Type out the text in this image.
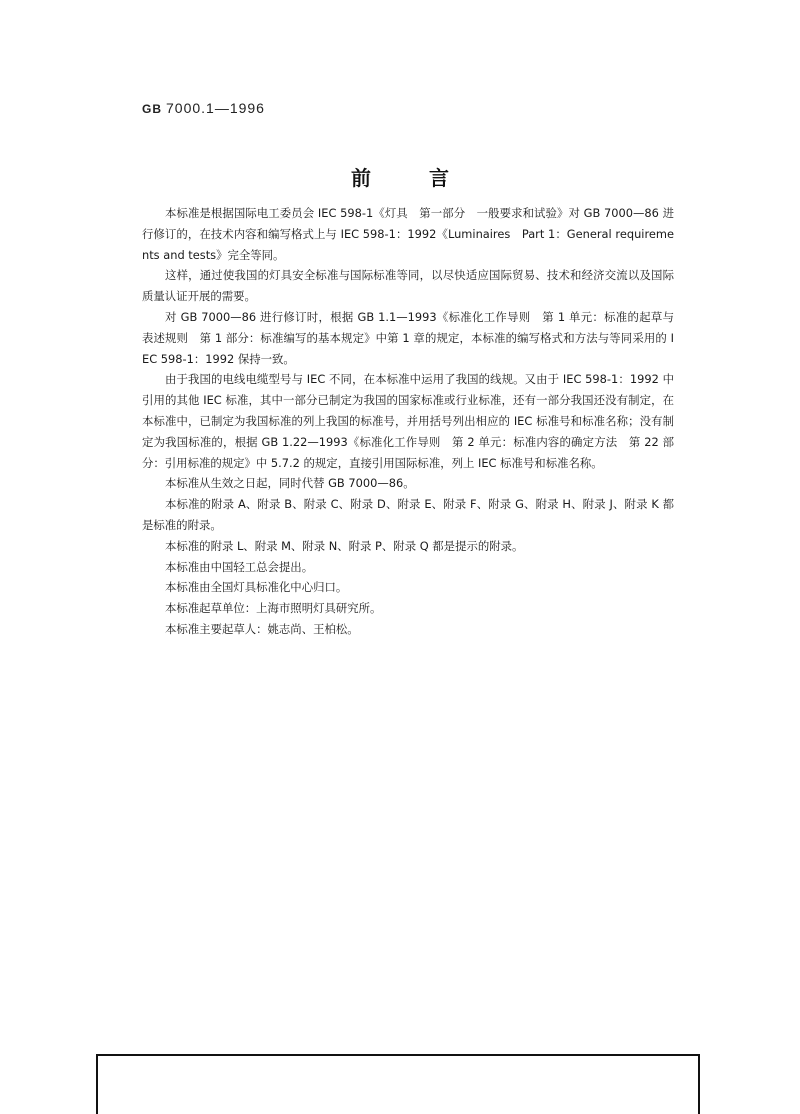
GB 7000.1—1996
前言

本标准是根据国际电工委员会 IEC 598-1《灯具　第一部分　一般要求和试验》对 GB 7000—86 进行修订的，在技术内容和编写格式上与 IEC 598-1：1992《Luminaires　Part 1：General requirements and tests》完全等同。

这样，通过使我国的灯具安全标准与国际标准等同，以尽快适应国际贸易、技术和经济交流以及国际质量认证开展的需要。

对 GB 7000—86 进行修订时，根据 GB 1.1—1993《标准化工作导则　第 1 单元：标准的起草与表述规则　第 1 部分：标准编写的基本规定》中第 1 章的规定，本标准的编写格式和方法与等同采用的 IEC 598-1：1992 保持一致。

由于我国的电线电缆型号与 IEC 不同，在本标准中运用了我国的线规。又由于 IEC 598-1：1992 中引用的其他 IEC 标准，其中一部分已制定为我国的国家标准或行业标准，还有一部分我国还没有制定，在本标准中，已制定为我国标准的列上我国的标准号，并用括号列出相应的 IEC 标准号和标准名称；没有制定为我国标准的，根据 GB 1.22—1993《标准化工作导则　第 2 单元：标准内容的确定方法　第 22 部分：引用标准的规定》中 5.7.2 的规定，直接引用国际标准，列上 IEC 标准号和标准名称。

本标准从生效之日起，同时代替 GB 7000—86。

本标准的附录 A、附录 B、附录 C、附录 D、附录 E、附录 F、附录 G、附录 H、附录 J、附录 K 都是标准的附录。

本标准的附录 L、附录 M、附录 N、附录 P、附录 Q 都是提示的附录。

本标准由中国轻工总会提出。

本标准由全国灯具标准化中心归口。

本标准起草单位：上海市照明灯具研究所。

本标准主要起草人：姚志尚、王柏松。
